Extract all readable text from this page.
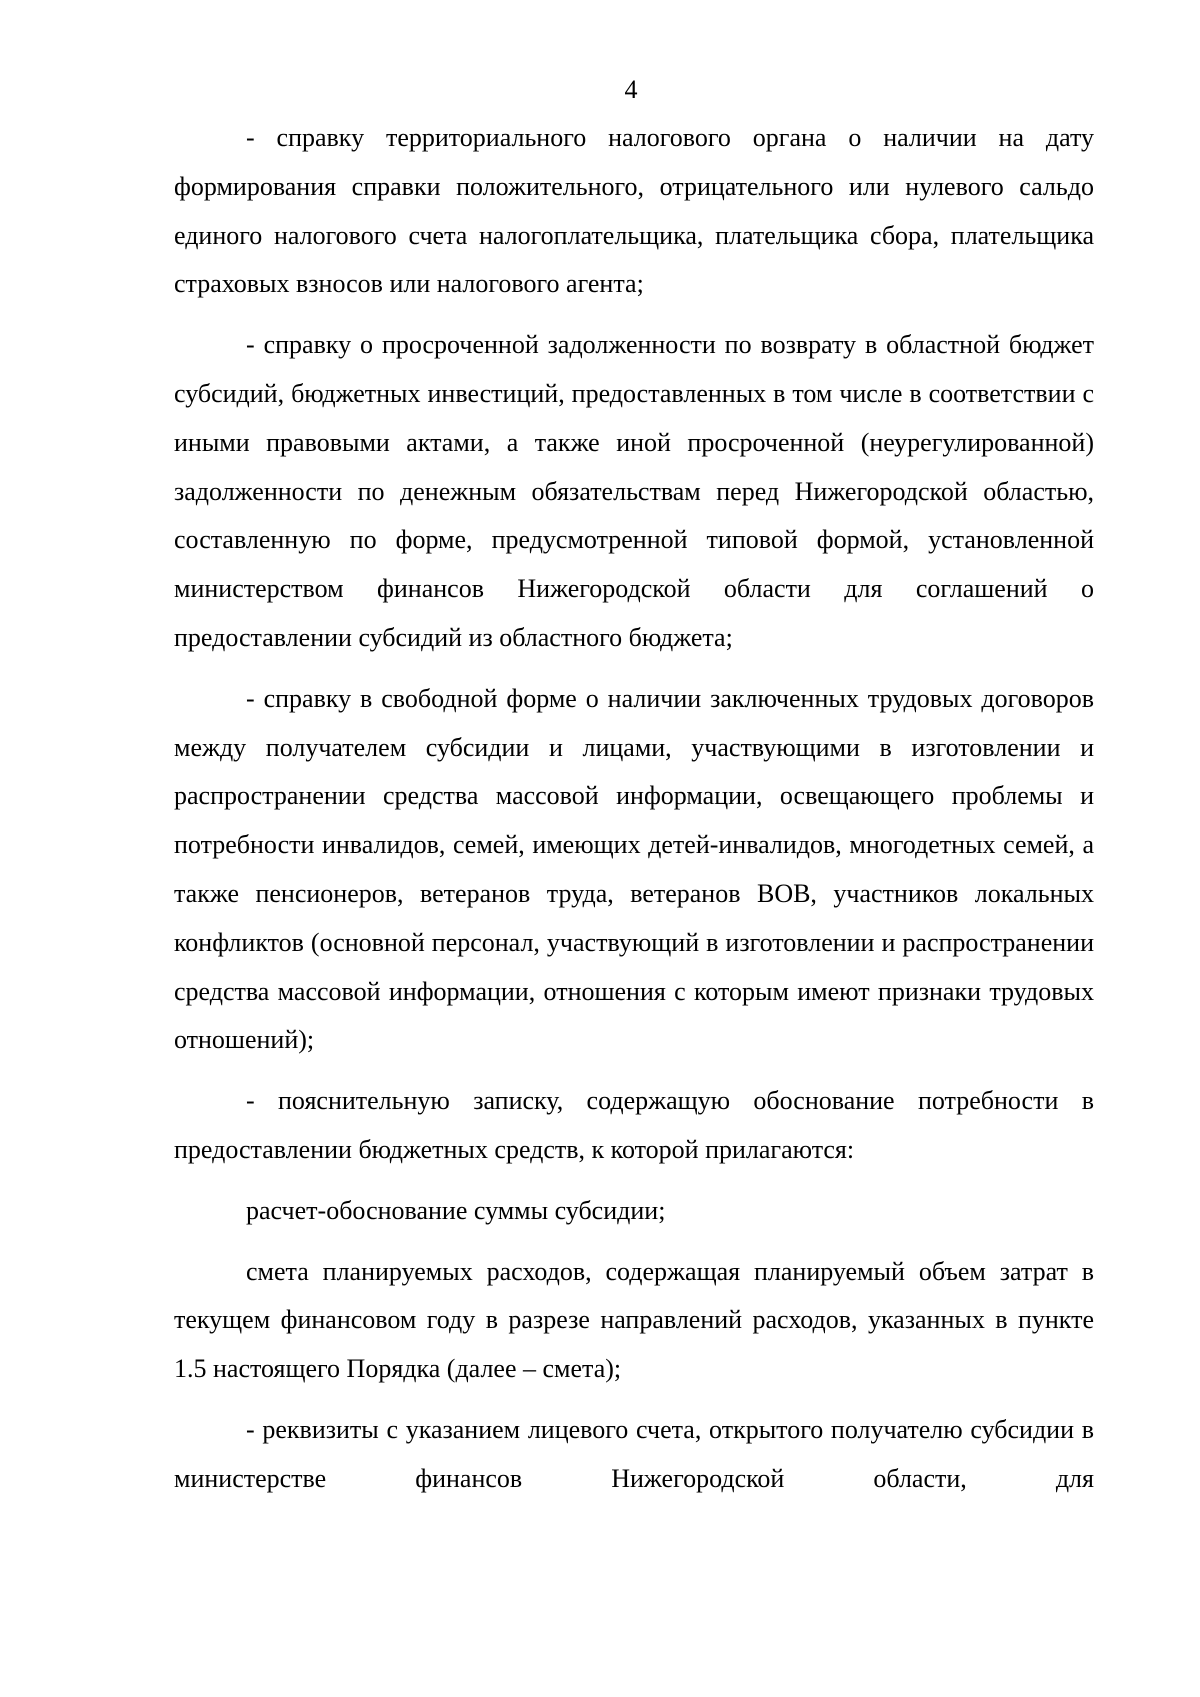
4

- справку территориального налогового органа о наличии на дату формирования справки положительного, отрицательного или нулевого сальдо единого налогового счета налогоплательщика, плательщика сбора, плательщика страховых взносов или налогового агента;

- справку о просроченной задолженности по возврату в областной бюджет субсидий, бюджетных инвестиций, предоставленных в том числе в соответствии с иными правовыми актами, а также иной просроченной (неурегулированной) задолженности по денежным обязательствам перед Нижегородской областью, составленную по форме, предусмотренной типовой формой, установленной министерством финансов Нижегородской области для соглашений о предоставлении субсидий из областного бюджета;

- справку в свободной форме о наличии заключенных трудовых договоров между получателем субсидии и лицами, участвующими в изготовлении и распространении средства массовой информации, освещающего проблемы и потребности инвалидов, семей, имеющих детей-инвалидов, многодетных семей, а также пенсионеров, ветеранов труда, ветеранов ВОВ, участников локальных конфликтов (основной персонал, участвующий в изготовлении и распространении средства массовой информации, отношения с которым имеют признаки трудовых отношений);

- пояснительную записку, содержащую обоснование потребности в предоставлении бюджетных средств, к которой прилагаются:

расчет-обоснование суммы субсидии;

смета планируемых расходов, содержащая планируемый объем затрат в текущем финансовом году в разрезе направлений расходов, указанных в пункте 1.5 настоящего Порядка (далее – смета);

- реквизиты с указанием лицевого счета, открытого получателю субсидии в министерстве финансов Нижегородской области, для
